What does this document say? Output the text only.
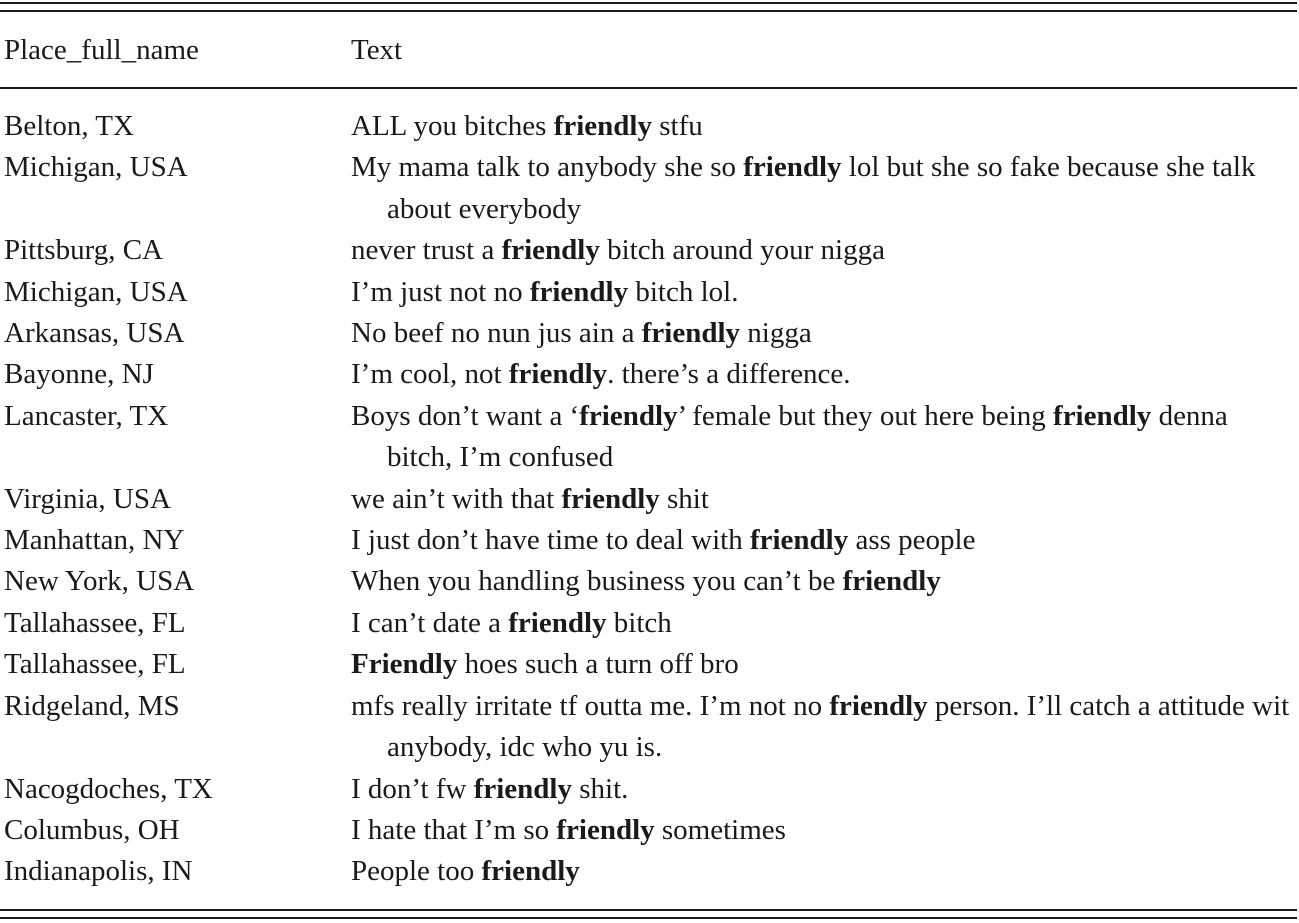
Place_full_name	Text
Belton, TX	ALL you bitches friendly stfu
Michigan, USA	My mama talk to anybody she so friendly lol but she so fake because she talk about everybody
Pittsburg, CA	never trust a friendly bitch around your nigga
Michigan, USA	I’m just not no friendly bitch lol.
Arkansas, USA	No beef no nun jus ain a friendly nigga
Bayonne, NJ	I’m cool, not friendly. there’s a difference.
Lancaster, TX	Boys don’t want a ‘friendly’ female but they out here being friendly denna bitch, I’m confused
Virginia, USA	we ain’t with that friendly shit
Manhattan, NY	I just don’t have time to deal with friendly ass people
New York, USA	When you handling business you can’t be friendly
Tallahassee, FL	I can’t date a friendly bitch
Tallahassee, FL	Friendly hoes such a turn off bro
Ridgeland, MS	mfs really irritate tf outta me. I’m not no friendly person. I’ll catch a attitude wit anybody, idc who yu is.
Nacogdoches, TX	I don’t fw friendly shit.
Columbus, OH	I hate that I’m so friendly sometimes
Indianapolis, IN	People too friendly
